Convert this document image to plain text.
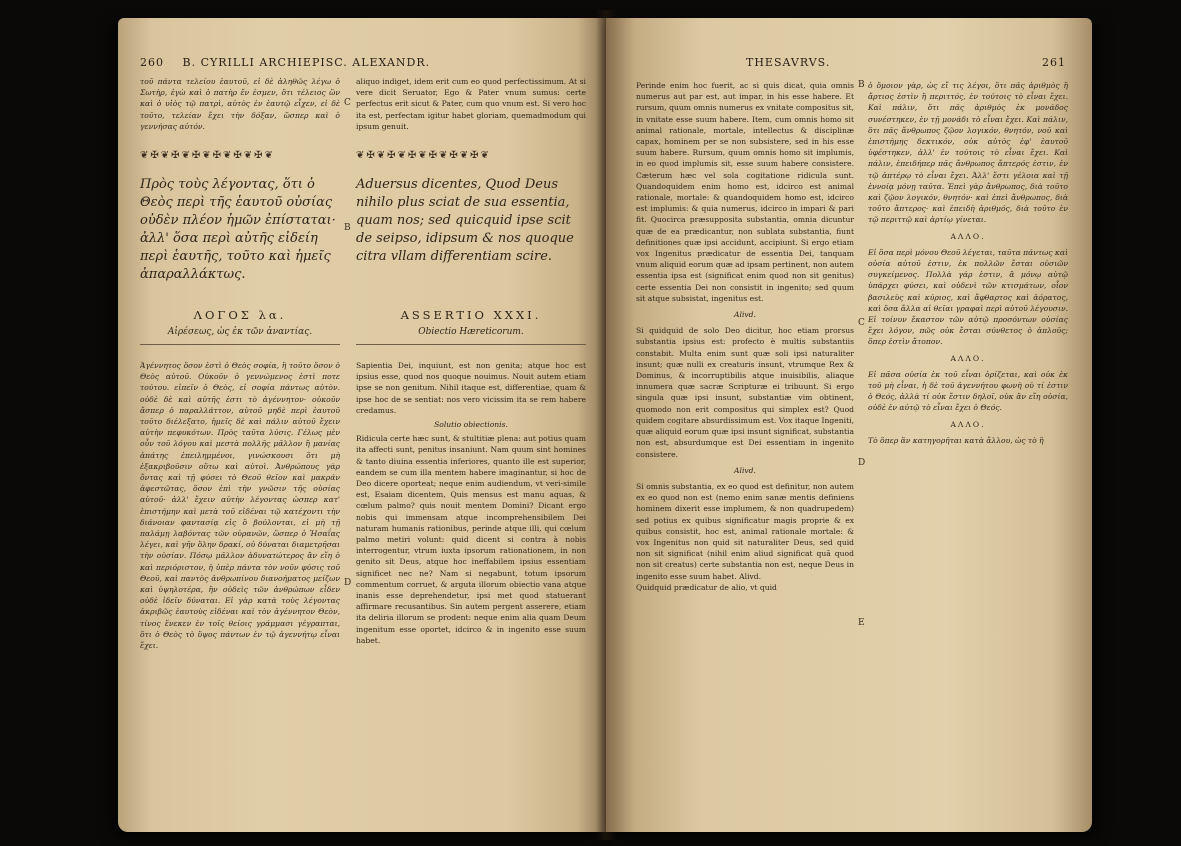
260 B. CYRILLI ARCHIEPISC. ALEXANDR.
τοῦ πάντα τελείου ἑαυτοῦ, εἰ δὲ ἀληθῶς λέγω ὁ Σωτὴρ, ἐγὼ καὶ ὁ πατὴρ ἕν ἐσμεν, ὅτι τέλειος ὢν καὶ ὁ υἱὸς τῷ πατρὶ, αὐτὸς ἐν ἑαυτῷ εἶχεν, εἰ δὲ τοῦτο, τελείαν ἔχει τὴν δόξαν, ὥσπερ καὶ ὁ γεννήσας αὐτόν.
aliquo indiget, idem erit cum eo quod perfectissimum. At si vere dicit Seruator, Ego & Pater vnum sumus: certe perfectus erit sicut & Pater, cum quo vnum est. Si vero hoc ita est, perfectam igitur habet gloriam, quemadmodum qui ipsum genuit.
❦✠❦✠❦✠❦✠❦✠❦✠❦	❦✠❦✠❦✠❦✠❦✠❦✠❦
Πρὸς τοὺς λέγοντας, ὅτι ὁ Θεὸς περὶ τῆς ἑαυτοῦ οὐσίας οὐδὲν πλέον ἡμῶν ἐπίσταται· ἀλλ' ὅσα περὶ αὐτῆς εἰδείη περὶ ἑαυτῆς, τοῦτο καὶ ἡμεῖς ἀπαραλλάκτως.
Aduersus dicentes, Quod Deus nihilo plus sciat de sua essentia, quam nos; sed quicquid ipse scit de seipso, idipsum & nos quoque citra vllam differentiam scire.
ΛΟΓΟΣ λα.
Αἱρέσεως, ὡς ἐκ τῶν ἀναντίας.
ASSERTIO XXXI.
Obiectio Hæreticorum.
Ἀγέννητος ὅσον ἐστὶ ὁ Θεὸς σοφία, ἢ τοῦτο ὅσον ὁ Θεὸς αὐτοῦ. Οὐκοῦν ὁ γεννώμενος ἐστὶ ποτε τούτου. εἰπεῖν ὁ Θεὸς, εἰ σοφία πάντως αὐτὸν. οὐδὲ δὲ καὶ αὐτῆς ἐστι τὸ ἀγέννητον· οὐκοῦν ἄσπερ ὁ παραλλάττον, αὐτοῦ μηδὲ περὶ ἑαυτοῦ τοῦτο διέλεξατο, ἡμεῖς δὲ καὶ πάλιν αὐτοῦ ἔχειν αὐτὴν πεφυκότων. Πρὸς ταῦτα λύσις. Γέλως μὲν οὖν τοῦ λόγου καὶ μεστὰ πολλῆς μᾶλλον ἢ μανίας ἀπάτης ἐπειλημμένοι, γινώσκουσι ὅτι μὴ ἐξακριβοῦσιν οὕτω καὶ αὐτοὶ. Ἀνθρώπους γὰρ ὄντας καὶ τῇ φύσει τὸ Θεοῦ θεῖον καὶ μακράν ἀφεστῶτας, ὅσον ἐπὶ τὴν γνῶσιν τῆς οὐσίας αὐτοῦ· ἀλλ' ἔχειν αὐτὴν λέγοντας ὡσπερ κατ' ἐπιστήμην καὶ μετὰ τοῦ εἰδέναι τῷ κατέχοντι τὴν διάνοιαν φαντασίᾳ εἰς ὃ βούλονται, εἰ μὴ τῇ παλάμῃ λαβόντας τῶν οὐρανῶν, ὥσπερ ὁ Ἡσαΐας λέγει, καὶ γῆν ὅλην δρακί, οὐ δύναται διαμετρῆσαι τὴν οὐσίαν. Πόσῳ μᾶλλον ἀδυνατώτερος ἂν εἴη ὁ καὶ περιόριστον, ἡ ὑπὲρ πάντα τὸν νοῦν φύσις τοῦ Θεοῦ, καὶ παντὸς ἀνθρωπίνου διανοήματος μείζων καὶ ὑψηλοτέρα, ἣν οὐδεὶς τῶν ἀνθρώπων εἶδεν οὐδὲ ἰδεῖν δύναται. Εἰ γὰρ κατὰ τοὺς λέγοντας ἀκριβῶς ἑαυτοὺς εἰδέναι καὶ τὸν ἀγέννητον Θεὸν, τίνος ἕνεκεν ἐν τοῖς θείοις γράμμασι γέγραπται, ὅτι ὁ Θεὸς τὸ ὕψος πάντων ἐν τῷ ἀγεννήτῳ εἶναι ἔχει.

Sapientia Dei, inquiunt, est non genita; atque hoc est ipsius esse, quod nos quoque nouimus. Nouit autem etiam ipse se non genitum. Nihil itaque est, differentiae, quam & ipse hoc de se sentiat: nos vero vicissim ita se rem habere credamus.

Solutio obiectionis.

Ridicula certe hæc sunt, & stultitiæ plena: aut potius quam ita affecti sunt, penitus insaniunt. Nam quum sint homines & tanto diuina essentia inferiores, quanto ille est superior, eandem se cum illa mentem habere imaginantur, si hoc de Deo dicere oporteat; neque enim audiendum, vt veri-simile est, Esaiam dicentem, Quis mensus est manu aquas, & cœlum palmo? quis nouit mentem Domini? Dicant ergo nobis qui immensam atque incomprehensibilem Dei naturam humanis rationibus, perinde atque illi, qui cœlum palmo metiri volunt: quid dicent si contra à nobis interrogentur, vtrum iuxta ipsorum rationationem, in non genito sit Deus, atque hoc ineffabilem ipsius essentiam significet nec ne? Nam si negabunt, totum ipsorum commentum corruet, & arguta illorum obiectio vana atque inanis esse deprehendetur, ipsi met quod statuerant affirmare recusantibus. Sin autem pergent asserere, etiam ita deliria illorum se prodent: neque enim alia quam Deum ingenitum esse oportet, idcirco & in ingenito esse suum habet.

C
B
D
THESAVRVS.	261

Perinde enim hoc fuerit, ac si quis dicat, quia omnis numerus aut par est, aut impar, in his esse habere. Et rursum, quum omnis numerus ex vnitate compositus sit, in vnitate esse suum habere. Item, cum omnis homo sit animal rationale, mortale, intellectus & disciplinæ capax, hominem per se non subsistere, sed in his esse suum habere. Rursum, quum omnis homo sit implumis, in eo quod implumis sit, esse suum habere consistere. Cæterum hæc vel sola cogitatione ridicula sunt. Quandoquidem enim homo est, idcirco est animal rationale, mortale: & quandoquidem homo est, idcirco est implumis: & quia numerus, idcirco in impari & pari fit. Quocirca præsupposita substantia, omnia dicuntur quæ de ea prædicantur, non sublata substantia, fiunt definitiones quæ ipsi accidunt, accipiunt. Si ergo etiam vox Ingenitus prædicatur de essentia Dei, tanquam vnum aliquid eorum quæ ad ipsam pertinent, non autem essentia ipsa est (significat enim quod non sit genitus) certe essentia Dei non consistit in ingenito; sed quum sit atque subsistat, ingenitus est.

Alivd.

Si quidquid de solo Deo dicitur, hoc etiam prorsus substantia ipsius est: profecto è multis substantiis constabit. Multa enim sunt quæ soli ipsi naturaliter insunt; quæ nulli ex creaturis insunt, vtrumque Rex & Dominus, & incorruptibilis atque inuisibilis, aliaque innumera quæ sacræ Scripturæ ei tribuunt. Si ergo singula quæ ipsi insunt, substantiæ vim obtinent, quomodo non erit compositus qui simplex est? Quod quidem cogitare absurdissimum est. Vox itaque Ingeniti, quæ aliquid eorum quæ ipsi insunt significat, substantia non est, absurdumque est Dei essentiam in ingenito consistere.

Alivd.

Si omnis substantia, ex eo quod est definitur, non autem ex eo quod non est (nemo enim sanæ mentis definiens hominem dixerit esse implumem, & non quadrupedem) sed potius ex quibus significatur magis proprie & ex quibus consistit, hoc est, animal rationale mortale: & vox Ingenitus non quid sit naturaliter Deus, sed quid non sit significat (nihil enim aliud significat quã quod non sit creatus) certe substantia non est, neque Deus in ingenito esse suum habet. Alivd.

Quidquid prædicatur de alio, vt quid

ὁ ὅμοιον γὰρ, ὡς εἴ τις λέγοι, ὅτι πᾶς ἀριθμὸς ἢ ἄρτιος ἐστὶν ἢ περιττός, ἐν τούτοις τὸ εἶναι ἔχει. Καὶ πάλιν, ὅτι πᾶς ἀριθμὸς ἐκ μονάδος συνέστηκεν, ἐν τῇ μονάδι τὸ εἶναι ἔχει. Καὶ πάλιν, ὅτι πᾶς ἄνθρωπος ζῷον λογικόν, θνητόν, νοῦ καὶ ἐπιστήμης δεκτικόν, οὐκ αὐτὸς ἐφ' ἑαυτοῦ ὑφέστηκεν, ἀλλ' ἐν τούτοις τὸ εἶναι ἔχει. Καὶ πάλιν, ἐπειδήπερ πᾶς ἄνθρωπος ἄπτερός ἐστιν, ἐν τῷ ἀπτέρῳ τὸ εἶναι ἔχει. Ἀλλ' ἔστι γέλοια καὶ τῇ ἐννοίᾳ μόνῃ ταῦτα. Ἐπεὶ γὰρ ἄνθρωπος, διὰ τοῦτο καὶ ζῷον λογικόν, θνητόν· καὶ ἐπεὶ ἄνθρωπος, διὰ τοῦτο ἄπτερος· καὶ ἐπειδὴ ἀριθμός, διὰ τοῦτο ἐν τῷ περιττῷ καὶ ἀρτίῳ γίνεται.

ΑΛΛΟ.

Εἰ ὅσα περὶ μόνου Θεοῦ λέγεται, ταῦτα πάντως καὶ οὐσία αὐτοῦ ἐστιν, ἐκ πολλῶν ἔσται οὐσιῶν συγκείμενος. Πολλὰ γάρ ἐστιν, ἃ μόνῳ αὐτῷ ὑπάρχει φύσει, καὶ οὐδενὶ τῶν κτισμάτων, οἷον βασιλεὺς καὶ κύριος, καὶ ἄφθαρτος καὶ ἀόρατος, καὶ ὅσα ἄλλα αἱ θεῖαι γραφαὶ περὶ αὐτοῦ λέγουσιν. Εἰ τοίνυν ἕκαστον τῶν αὐτῷ προσόντων οὐσίας ἔχει λόγον, πῶς οὐκ ἔσται σύνθετος ὁ ἁπλοῦς; ὅπερ ἐστὶν ἄτοπον.

ΑΛΛΟ.

Εἰ πᾶσα οὐσία ἐκ τοῦ εἶναι ὁρίζεται, καὶ οὐκ ἐκ τοῦ μὴ εἶναι, ἡ δὲ τοῦ ἀγεννήτου φωνὴ οὐ τί ἐστιν ὁ Θεός, ἀλλὰ τί οὐκ ἔστιν δηλοῖ, οὐκ ἂν εἴη οὐσία, οὐδὲ ἐν αὐτῷ τὸ εἶναι ἔχει ὁ Θεός.

ΑΛΛΟ.

Τὸ ὅπερ ἂν κατηγορῆται κατὰ ἄλλου, ὡς τὸ ἢ

B
C
D
E
